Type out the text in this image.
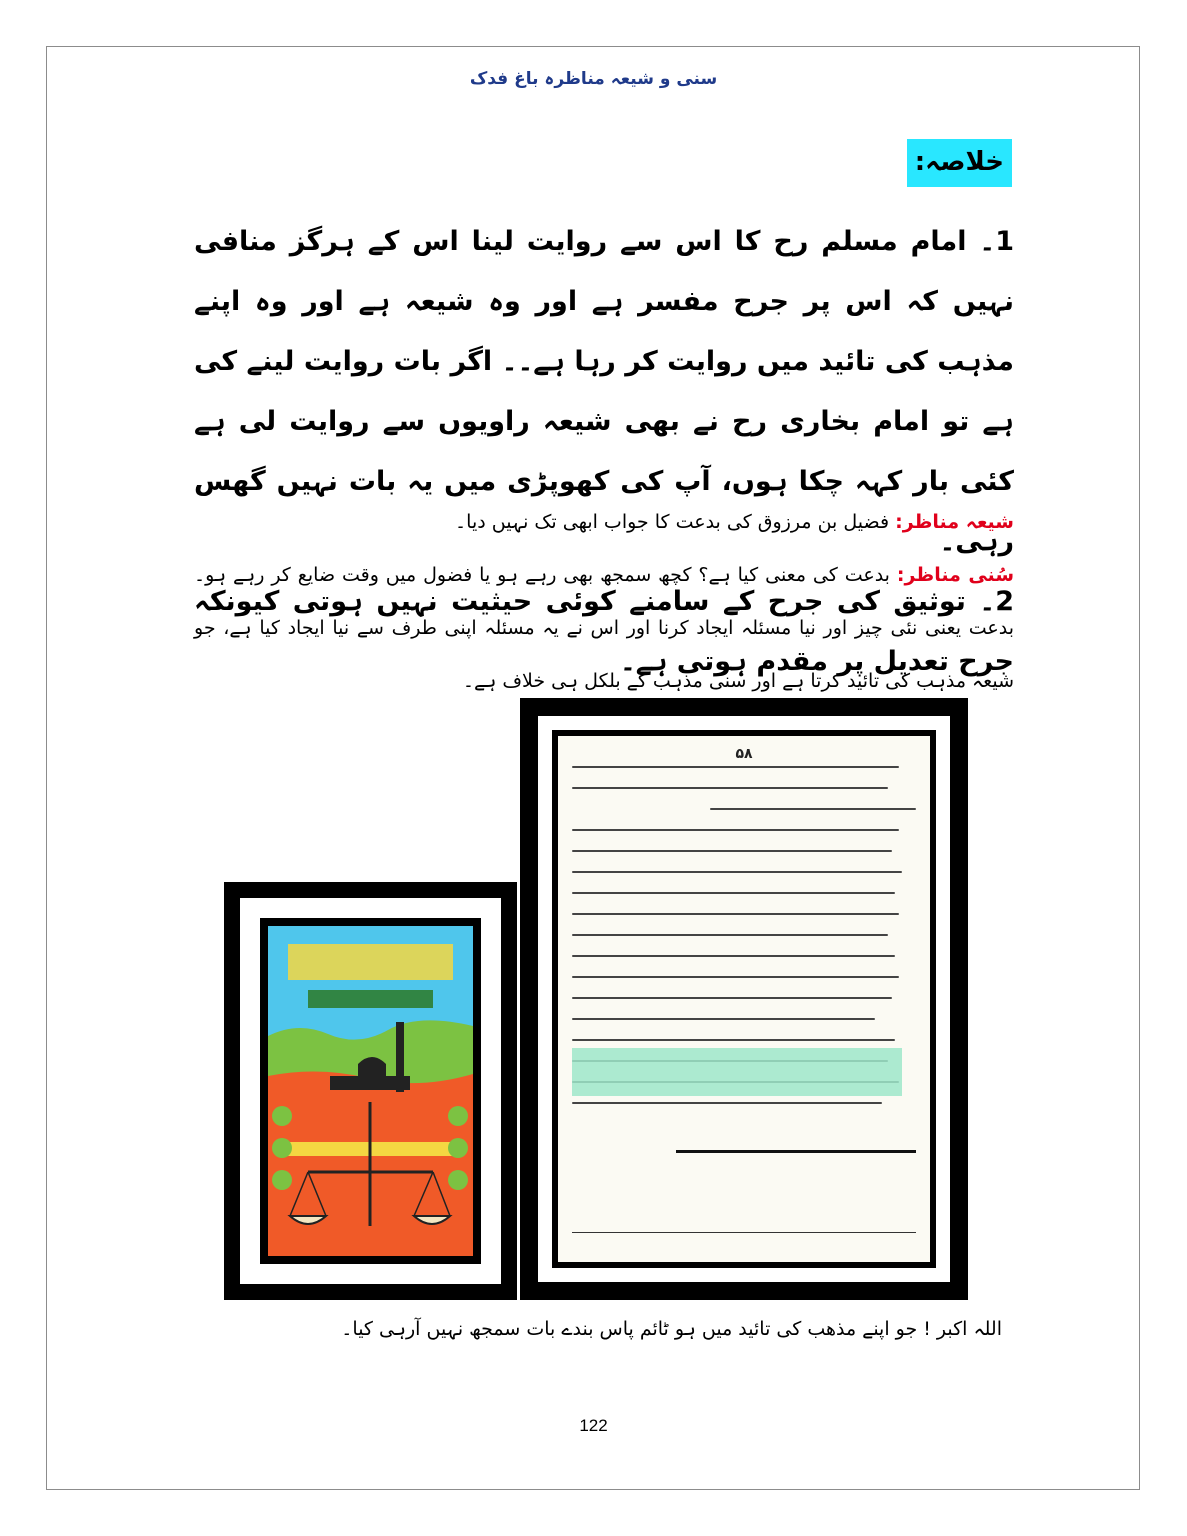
سنی و شیعہ مناظرہ باغ فدک
خلاصہ:

1۔ امام مسلم رح کا اس سے روایت لینا اس کے ہرگز منافی نہیں کہ اس پر جرح مفسر ہے اور وہ شیعہ ہے اور وہ اپنے مذہب کی تائید میں روایت کر رہا ہے۔۔ اگر بات روایت لینے کی ہے تو امام بخاری رح نے بھی شیعہ راویوں سے روایت لی ہے کئی بار کہہ چکا ہوں، آپ کی کھوپڑی میں یہ بات نہیں گھس رہی۔

2۔ توثیق کی جرح کے سامنے کوئی حیثیت نہیں ہوتی کیونکہ جرح تعدیل پر مقدم ہوتی ہے۔

شیعہ مناظر: فضیل بن مرزوق کی بدعت کا جواب ابھی تک نہیں دیا۔

سُنی مناظر: بدعت کی معنی کیا ہے؟ کچھ سمجھ بھی رہے ہو یا فضول میں وقت ضایع کر رہے ہو۔ بدعت یعنی نئی چیز اور نیا مسئلہ ایجاد کرنا اور اس نے یہ مسئلہ اپنی طرف سے نیا ایجاد کیا ہے، جو شیعہ مذہب کی تائید کرتا ہے اور سنی مذہب کے بلکل ہی خلاف ہے۔

۵۸
اللہ اکبر ! جو اپنے مذھب کی تائید میں ہو ٹائم پاس بندے بات سمجھ نہیں آرہی کیا۔
122
